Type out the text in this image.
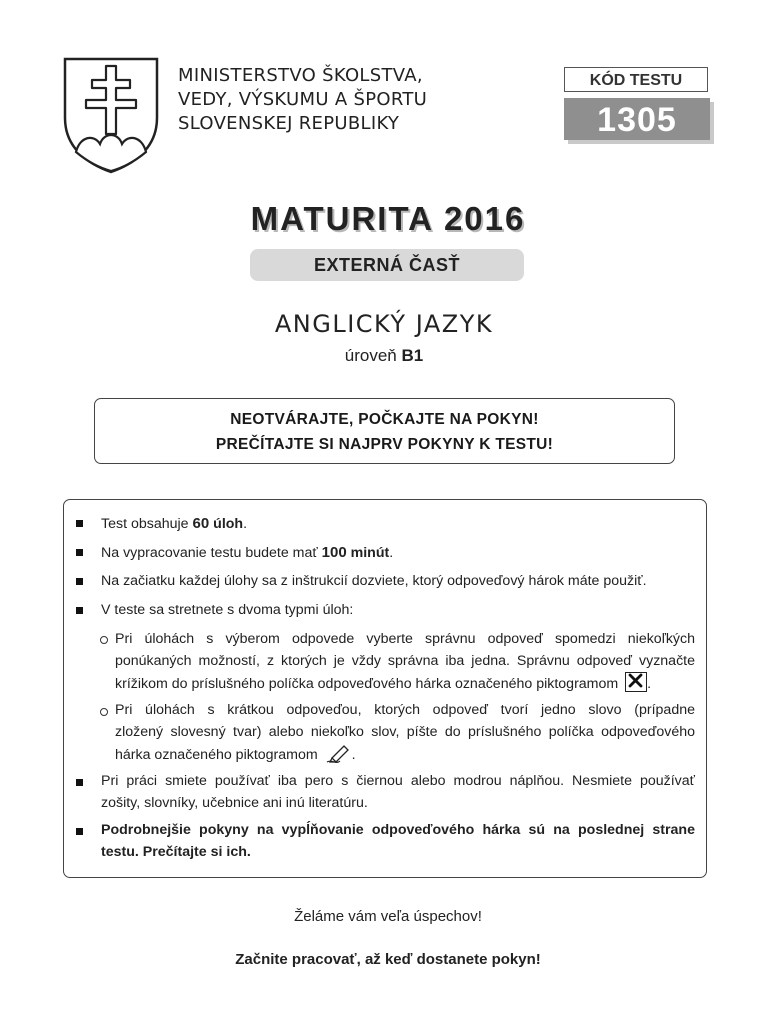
MINISTERSTVO ŠKOLSTVA,
VEDY, VÝSKUMU A ŠPORTU
SLOVENSKEJ REPUBLIKY
KÓD TESTU
1305
MATURITA 2016
EXTERNÁ ČASŤ
ANGLICKÝ JAZYK
úroveň B1
NEOTVÁRAJTE, POČKAJTE NA POKYN!
PREČÍTAJTE SI NAJPRV POKYNY K TESTU!
Test obsahuje 60 úloh.
Na vypracovanie testu budete mať 100 minút.
Na začiatku každej úlohy sa z inštrukcií dozviete, ktorý odpoveďový hárok máte použiť.
V teste sa stretnete s dvoma typmi úloh:
Pri úlohách s výberom odpovede vyberte správnu odpoveď spomedzi niekoľkých
ponúkaných možností, z ktorých je vždy správna iba jedna. Správnu odpoveď vyznačte
krížikom do príslušného políčka odpoveďového hárka označeného piktogramom .
Pri úlohách s krátkou odpoveďou, ktorých odpoveď tvorí jedno slovo (prípadne
zložený slovesný tvar) alebo niekoľko slov, píšte do príslušného políčka odpoveďového
hárka označeného piktogramom .
Pri práci smiete používať iba pero s čiernou alebo modrou náplňou. Nesmiete používať
zošity, slovníky, učebnice ani inú literatúru.
Podrobnejšie pokyny na vypĺňovanie odpoveďového hárka sú na poslednej strane
testu. Prečítajte si ich.
Želáme vám veľa úspechov!
Začnite pracovať, až keď dostanete pokyn!
